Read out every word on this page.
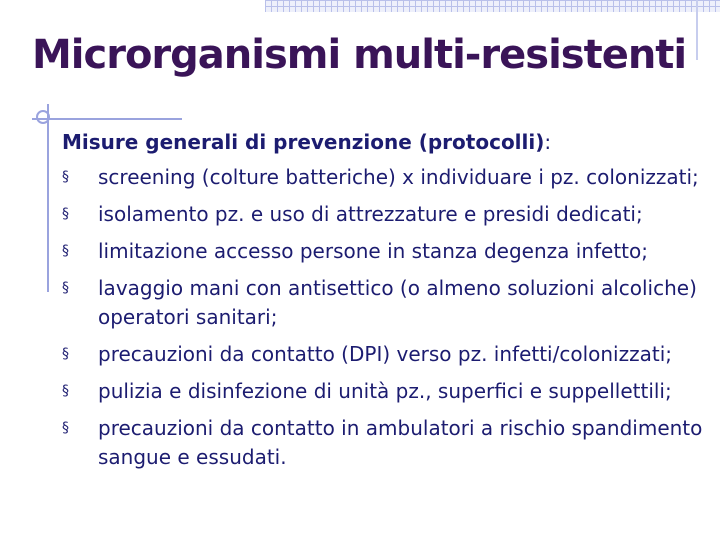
Microrganismi multi-resistenti
Misure generali di prevenzione (protocolli):
§	screening (colture batteriche) x individuare i pz. colonizzati;
§	isolamento pz. e uso di attrezzature e presidi dedicati;
§	limitazione accesso persone in stanza degenza infetto;
§	lavaggio mani con antisettico (o almeno soluzioni alcoliche) operatori sanitari;
§	precauzioni da contatto (DPI) verso pz. infetti/colonizzati;
§	pulizia e disinfezione di unità pz., superfici e suppellettili;
§	precauzioni da contatto in ambulatori a rischio spandimento sangue e essudati.
